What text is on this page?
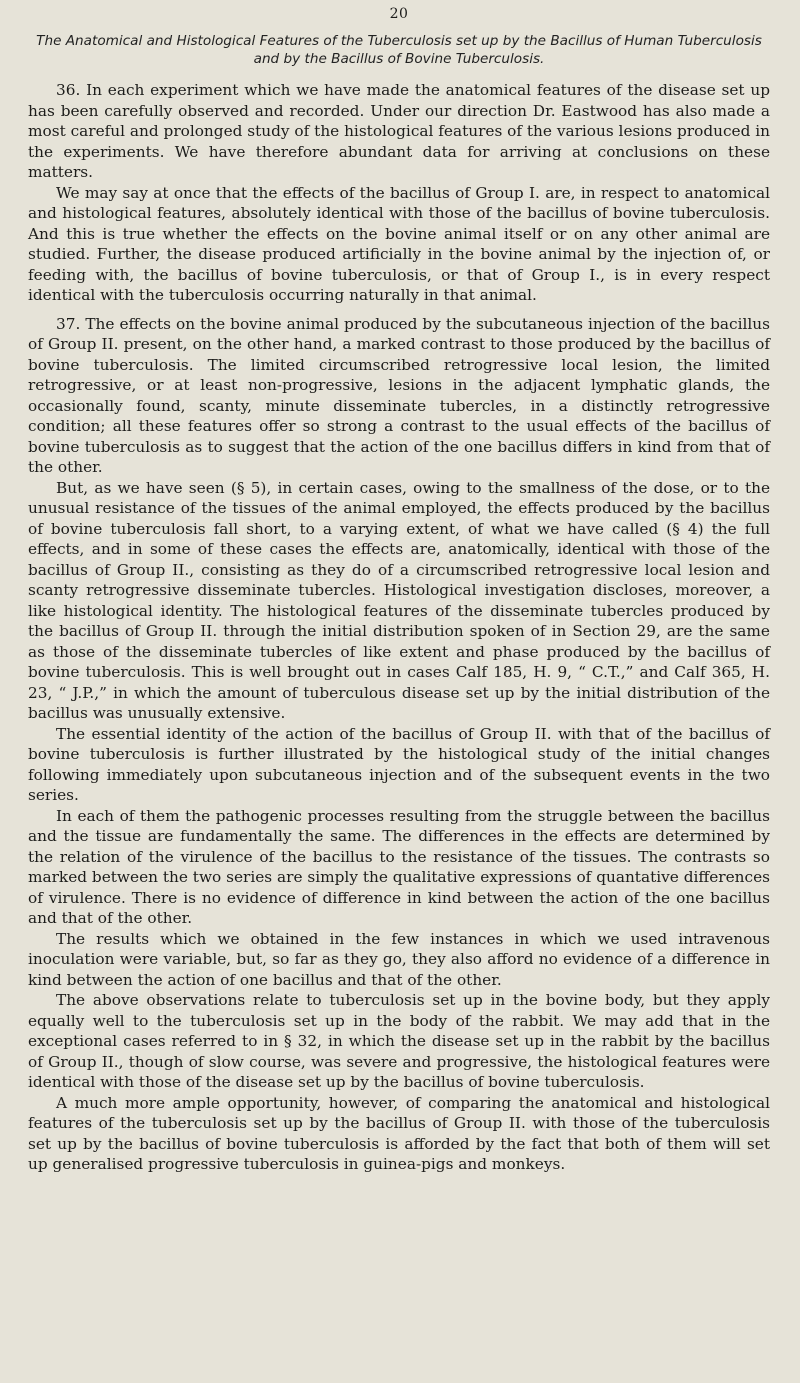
20
The Anatomical and Histological Features of the Tuberculosis set up by the Bacillus of Human Tuberculosis and by the Bacillus of Bovine Tuberculosis.

36. In each experiment which we have made the anatomical features of the disease set up has been carefully observed and recorded. Under our direction Dr. Eastwood has also made a most careful and prolonged study of the histological features of the various lesions produced in the experiments. We have therefore abundant data for arriving at conclusions on these matters.

We may say at once that the effects of the bacillus of Group I. are, in respect to anatomical and histological features, absolutely identical with those of the bacillus of bovine tuberculosis. And this is true whether the effects on the bovine animal itself or on any other animal are studied. Further, the disease produced artificially in the bovine animal by the injection of, or feeding with, the bacillus of bovine tuberculosis, or that of Group I., is in every respect identical with the tuberculosis occurring naturally in that animal.

37. The effects on the bovine animal produced by the subcutaneous injection of the bacillus of Group II. present, on the other hand, a marked contrast to those produced by the bacillus of bovine tuberculosis. The limited circumscribed retrogressive local lesion, the limited retrogressive, or at least non-progressive, lesions in the adjacent lymphatic glands, the occasionally found, scanty, minute disseminate tubercles, in a distinctly retrogressive condition; all these features offer so strong a contrast to the usual effects of the bacillus of bovine tuberculosis as to suggest that the action of the one bacillus differs in kind from that of the other.

But, as we have seen (§ 5), in certain cases, owing to the smallness of the dose, or to the unusual resistance of the tissues of the animal employed, the effects produced by the bacillus of bovine tuberculosis fall short, to a varying extent, of what we have called (§ 4) the full effects, and in some of these cases the effects are, anatomically, identical with those of the bacillus of Group II., consisting as they do of a circumscribed retrogressive local lesion and scanty retrogressive disseminate tubercles. Histological investigation discloses, moreover, a like histological identity. The histological features of the disseminate tubercles produced by the bacillus of Group II. through the initial distribution spoken of in Section 29, are the same as those of the disseminate tubercles of like extent and phase produced by the bacillus of bovine tuberculosis. This is well brought out in cases Calf 185, H. 9, “ C.T.,” and Calf 365, H. 23, “ J.P.,” in which the amount of tuberculous disease set up by the initial distribution of the bacillus was unusually extensive.

The essential identity of the action of the bacillus of Group II. with that of the bacillus of bovine tuberculosis is further illustrated by the histological study of the initial changes following immediately upon subcutaneous injection and of the subsequent events in the two series.

In each of them the pathogenic processes resulting from the struggle between the bacillus and the tissue are fundamentally the same. The differences in the effects are determined by the relation of the virulence of the bacillus to the resistance of the tissues. The contrasts so marked between the two series are simply the qualitative expressions of quantative differences of virulence. There is no evidence of difference in kind between the action of the one bacillus and that of the other.

The results which we obtained in the few instances in which we used intravenous inoculation were variable, but, so far as they go, they also afford no evidence of a difference in kind between the action of one bacillus and that of the other.

The above observations relate to tuberculosis set up in the bovine body, but they apply equally well to the tuberculosis set up in the body of the rabbit. We may add that in the exceptional cases referred to in § 32, in which the disease set up in the rabbit by the bacillus of Group II., though of slow course, was severe and progressive, the histological features were identical with those of the disease set up by the bacillus of bovine tuberculosis.

A much more ample opportunity, however, of comparing the anatomical and histological features of the tuberculosis set up by the bacillus of Group II. with those of the tuberculosis set up by the bacillus of bovine tuberculosis is afforded by the fact that both of them will set up generalised progressive tuberculosis in guinea-pigs and monkeys.
